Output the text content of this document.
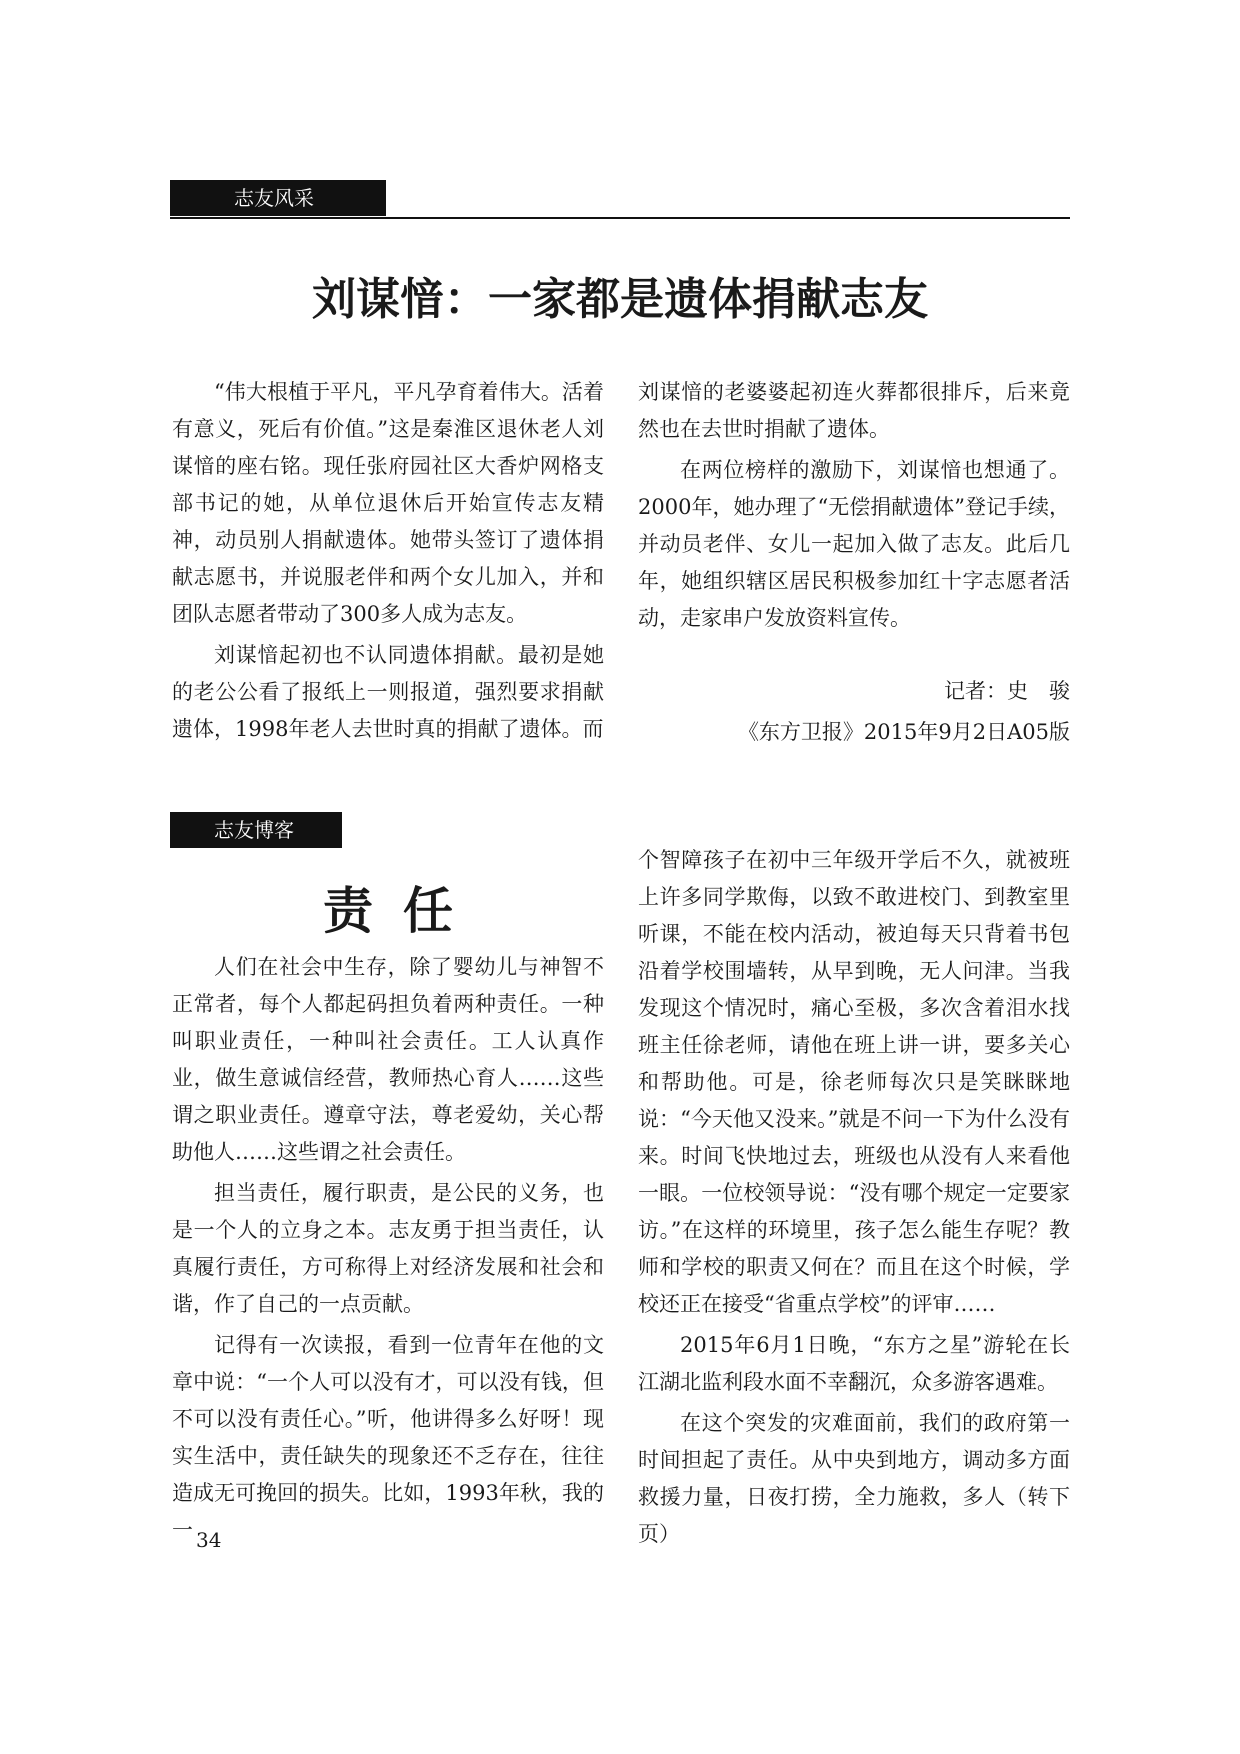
志友风采
刘谋愔：一家都是遗体捐献志友

“伟大根植于平凡，平凡孕育着伟大。活着有意义，死后有价值。”这是秦淮区退休老人刘谋愔的座右铭。现任张府园社区大香炉网格支部书记的她，从单位退休后开始宣传志友精神，动员别人捐献遗体。她带头签订了遗体捐献志愿书，并说服老伴和两个女儿加入，并和团队志愿者带动了300多人成为志友。

刘谋愔起初也不认同遗体捐献。最初是她的老公公看了报纸上一则报道，强烈要求捐献遗体，1998年老人去世时真的捐献了遗体。而

刘谋愔的老婆婆起初连火葬都很排斥，后来竟然也在去世时捐献了遗体。

在两位榜样的激励下，刘谋愔也想通了。2000年，她办理了“无偿捐献遗体”登记手续，并动员老伴、女儿一起加入做了志友。此后几年，她组织辖区居民积极参加红十字志愿者活动，走家串户发放资料宣传。

记者：史　骏

《东方卫报》2015年9月2日A05版

志友博客
责任

人们在社会中生存，除了婴幼儿与神智不正常者，每个人都起码担负着两种责任。一种叫职业责任，一种叫社会责任。工人认真作业，做生意诚信经营，教师热心育人……这些谓之职业责任。遵章守法，尊老爱幼，关心帮助他人……这些谓之社会责任。

担当责任，履行职责，是公民的义务，也是一个人的立身之本。志友勇于担当责任，认真履行责任，方可称得上对经济发展和社会和谐，作了自己的一点贡献。

记得有一次读报，看到一位青年在他的文章中说：“一个人可以没有才，可以没有钱，但不可以没有责任心。”听，他讲得多么好呀！现实生活中，责任缺失的现象还不乏存在，往往造成无可挽回的损失。比如，1993年秋，我的一

个智障孩子在初中三年级开学后不久，就被班上许多同学欺侮，以致不敢进校门、到教室里听课，不能在校内活动，被迫每天只背着书包沿着学校围墙转，从早到晚，无人问津。当我发现这个情况时，痛心至极，多次含着泪水找班主任徐老师，请他在班上讲一讲，要多关心和帮助他。可是，徐老师每次只是笑眯眯地说：“今天他又没来。”就是不问一下为什么没有来。时间飞快地过去，班级也从没有人来看他一眼。一位校领导说：“没有哪个规定一定要家访。”在这样的环境里，孩子怎么能生存呢？教师和学校的职责又何在？而且在这个时候，学校还正在接受“省重点学校”的评审……

2015年6月1日晚，“东方之星”游轮在长江湖北监利段水面不幸翻沉，众多游客遇难。

在这个突发的灾难面前，我们的政府第一时间担起了责任。从中央到地方，调动多方面救援力量，日夜打捞，全力施救，多人（转下页）

34
